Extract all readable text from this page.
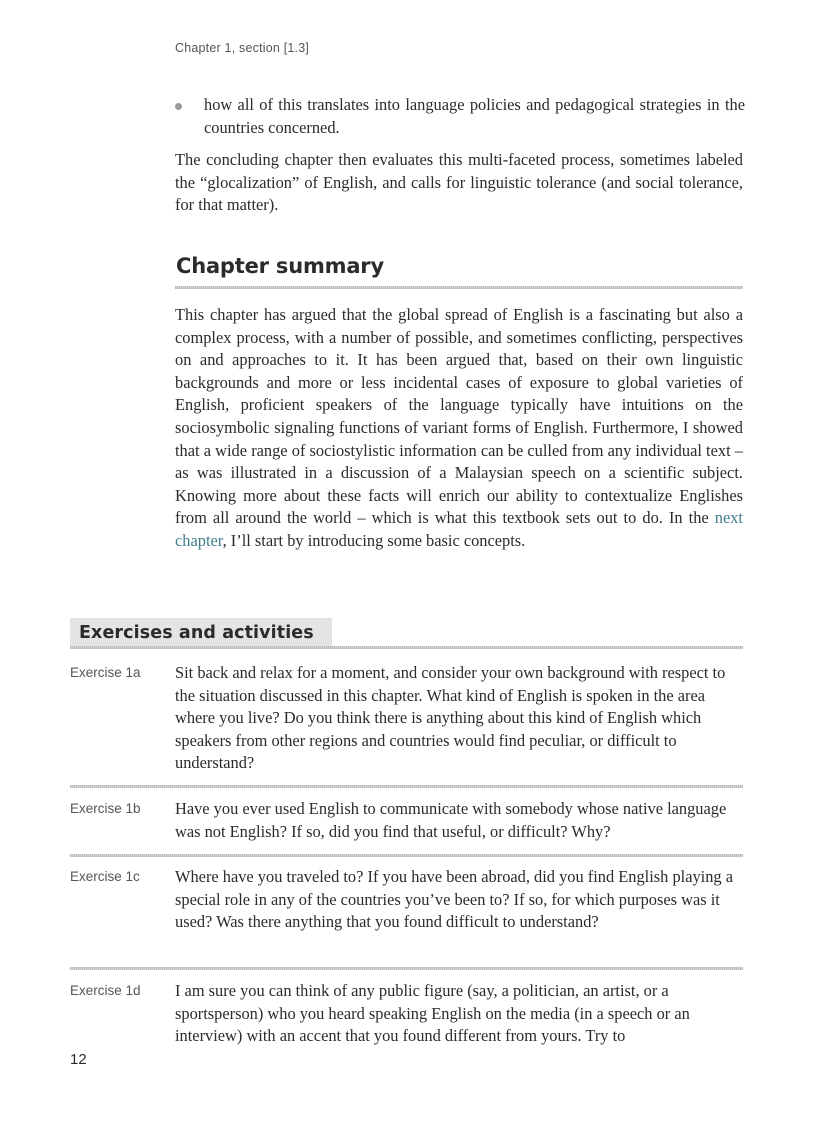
Chapter 1, section [1.3]
how all of this translates into language policies and pedagogical strategies in the countries concerned.
The concluding chapter then evaluates this multi-faceted process, sometimes labeled the “glocalization” of English, and calls for linguistic tolerance (and social tolerance, for that matter).
Chapter summary
This chapter has argued that the global spread of English is a fascinating but also a complex process, with a number of possible, and sometimes conflicting, perspectives on and approaches to it. It has been argued that, based on their own linguistic backgrounds and more or less incidental cases of exposure to global varieties of English, proficient speakers of the language typically have intuitions on the sociosymbolic signaling functions of variant forms of English. Furthermore, I showed that a wide range of sociostylistic information can be culled from any individual text – as was illustrated in a discussion of a Malaysian speech on a scientific subject. Knowing more about these facts will enrich our ability to contextualize Englishes from all around the world – which is what this textbook sets out to do. In the next chapter, I’ll start by introducing some basic concepts.
Exercises and activities
Exercise 1a Sit back and relax for a moment, and consider your own background with respect to the situation discussed in this chapter. What kind of English is spoken in the area where you live? Do you think there is anything about this kind of English which speakers from other regions and countries would find peculiar, or difficult to understand?
Exercise 1b Have you ever used English to communicate with somebody whose native language was not English? If so, did you find that useful, or difficult? Why?
Exercise 1c Where have you traveled to? If you have been abroad, did you find English playing a special role in any of the countries you’ve been to? If so, for which purposes was it used? Was there anything that you found difficult to understand?
Exercise 1d I am sure you can think of any public figure (say, a politician, an artist, or a sportsperson) who you heard speaking English on the media (in a speech or an interview) with an accent that you found different from yours. Try to
12
